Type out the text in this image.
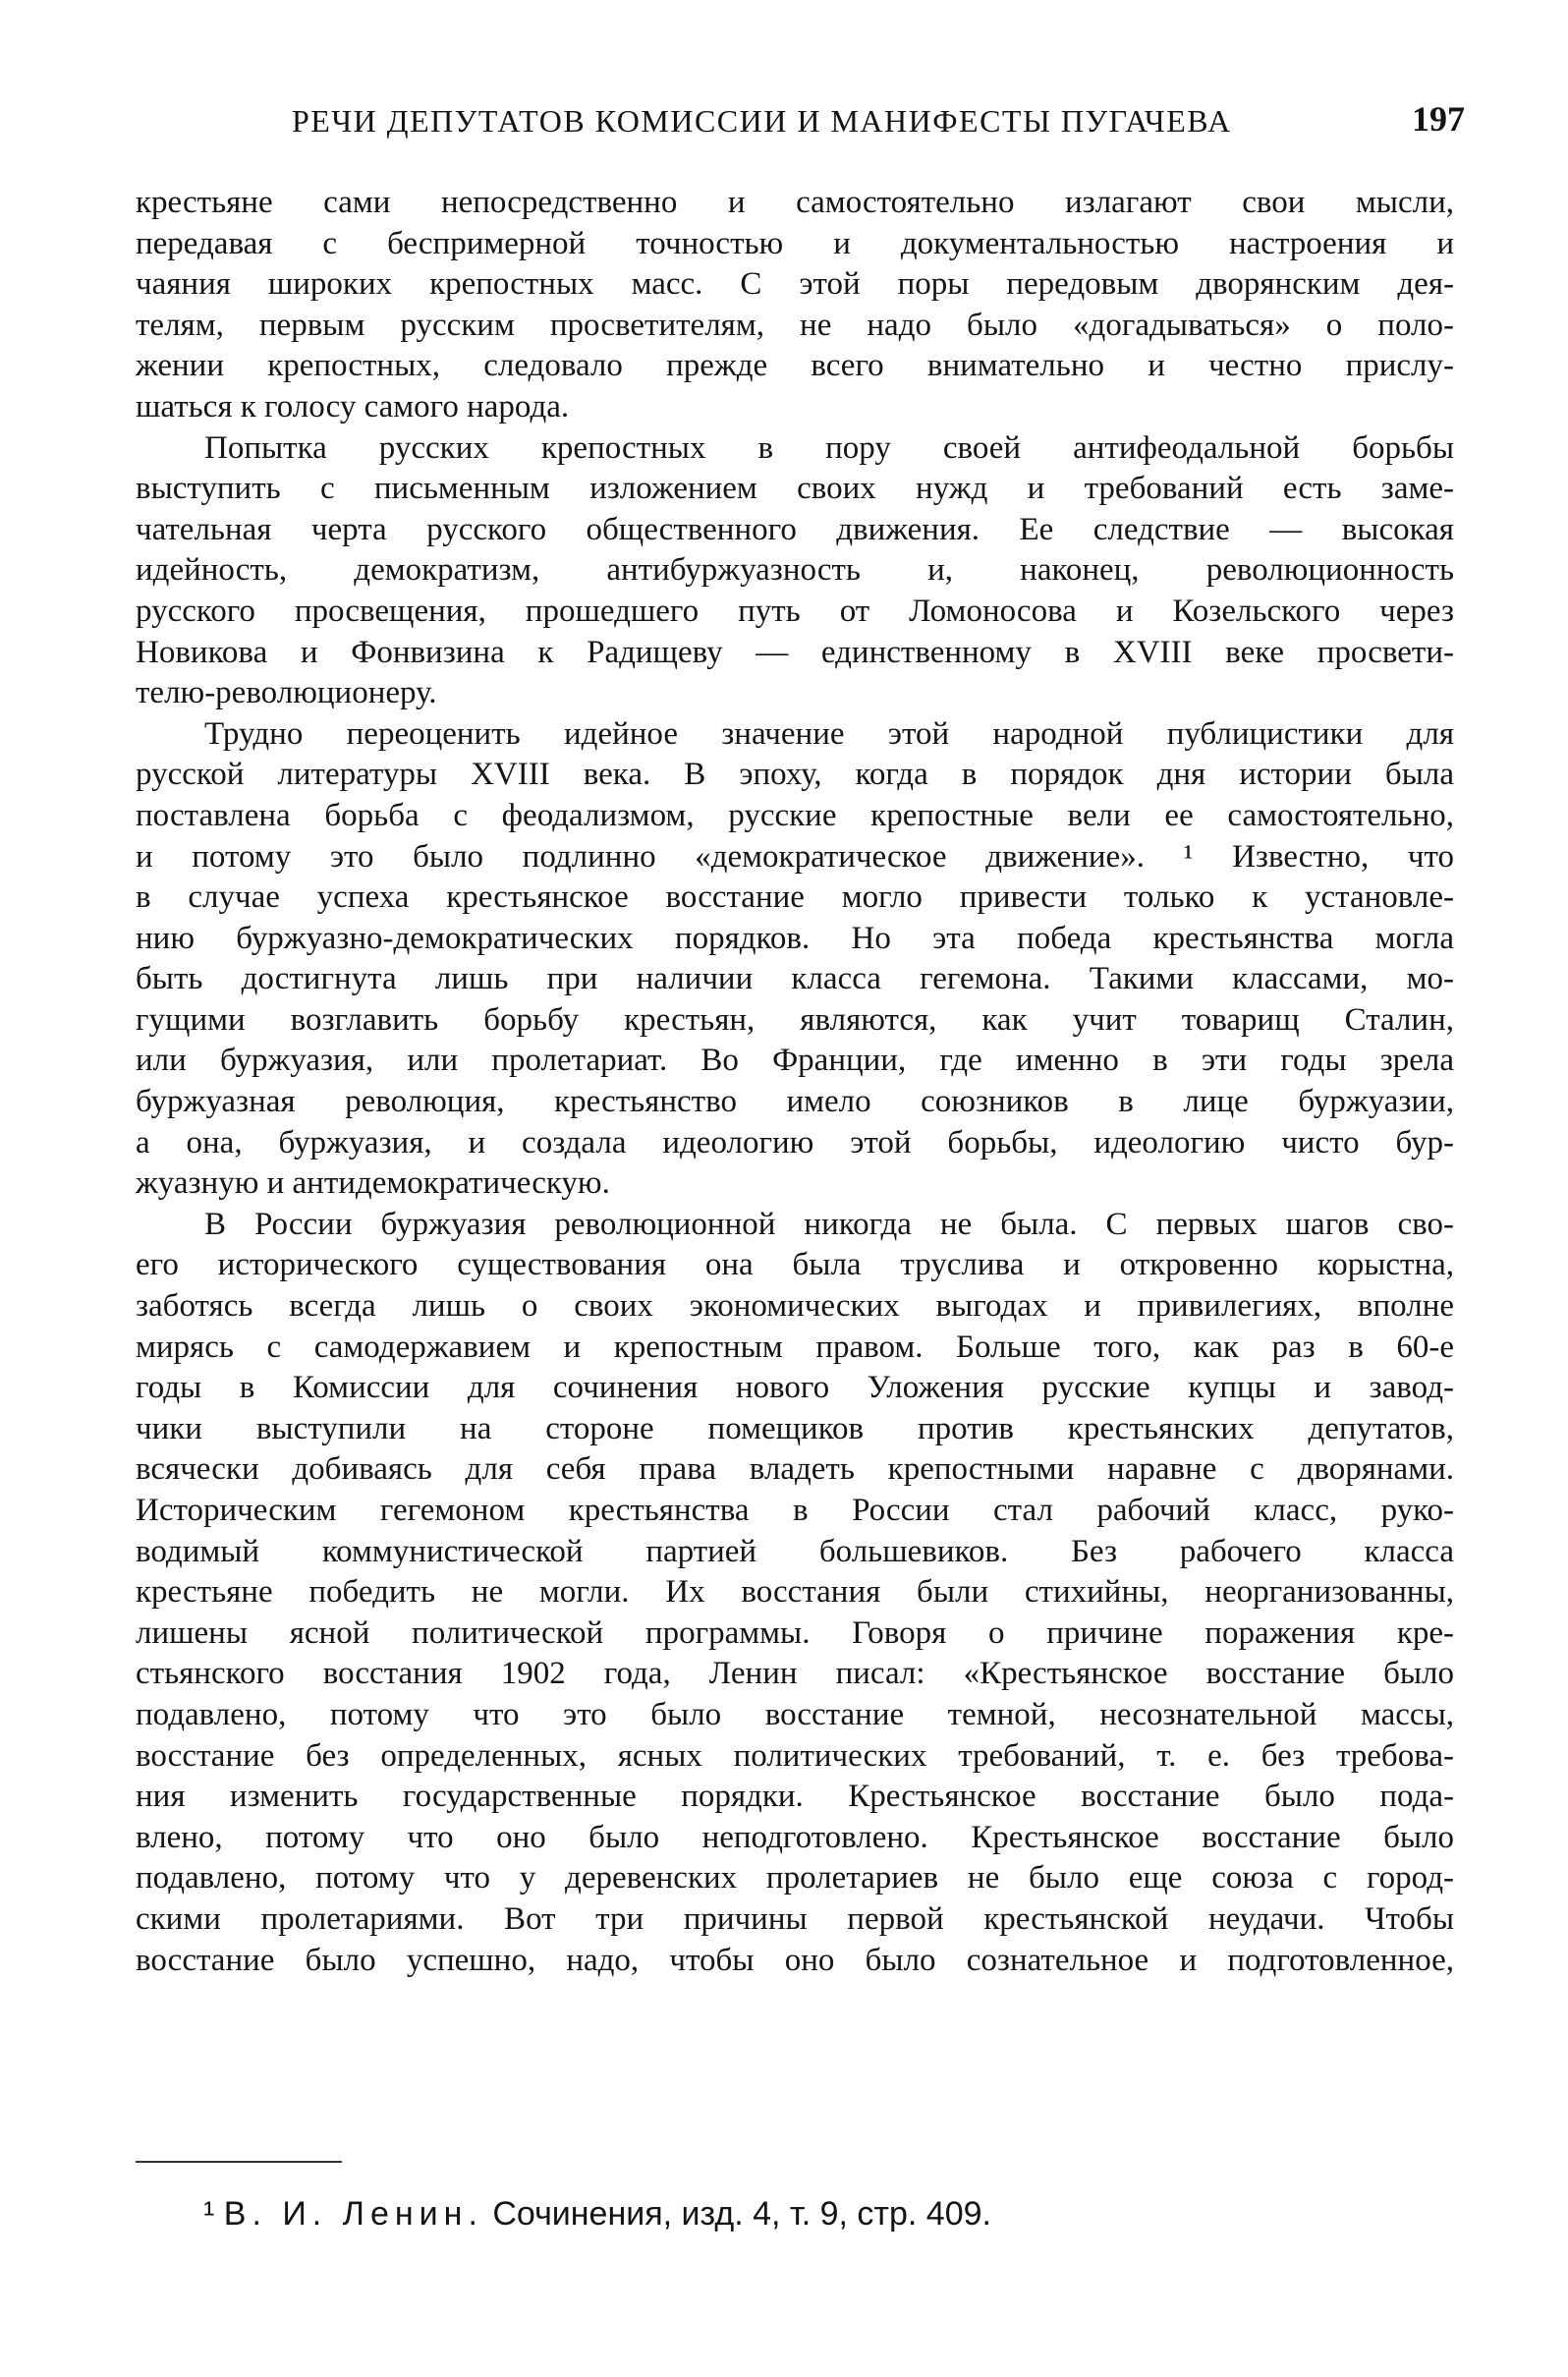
РЕЧИ ДЕПУТАТОВ КОМИССИИ И МАНИФЕСТЫ ПУГАЧЕВА	197
крестьяне сами непосредственно и самостоятельно излагают свои мысли,
передавая с беспримерной точностью и документальностью настроения и
чаяния широких крепостных масс. С этой поры передовым дворянским дея-
телям, первым русским просветителям, не надо было «догадываться» о поло-
жении крепостных, следовало прежде всего внимательно и честно прислу-
шаться к голосу самого народа.
Попытка русских крепостных в пору своей антифеодальной борьбы
выступить с письменным изложением своих нужд и требований есть заме-
чательная черта русского общественного движения. Ее следствие — высокая
идейность, демократизм, антибуржуазность и, наконец, революционность
русского просвещения, прошедшего путь от Ломоносова и Козельского через
Новикова и Фонвизина к Радищеву — единственному в XVIII веке просвети-
телю-революционеру.
Трудно переоценить идейное значение этой народной публицистики для
русской литературы XVIII века. В эпоху, когда в порядок дня истории была
поставлена борьба с феодализмом, русские крепостные вели ее самостоятельно,
и потому это было подлинно «демократическое движение». ¹ Известно, что
в случае успеха крестьянское восстание могло привести только к установле-
нию буржуазно-демократических порядков. Но эта победа крестьянства могла
быть достигнута лишь при наличии класса гегемона. Такими классами, мо-
гущими возглавить борьбу крестьян, являются, как учит товарищ Сталин,
или буржуазия, или пролетариат. Во Франции, где именно в эти годы зрела
буржуазная революция, крестьянство имело союзников в лице буржуазии,
а она, буржуазия, и создала идеологию этой борьбы, идеологию чисто бур-
жуазную и антидемократическую.
В России буржуазия революционной никогда не была. С первых шагов сво-
его исторического существования она была труслива и откровенно корыстна,
заботясь всегда лишь о своих экономических выгодах и привилегиях, вполне
мирясь с самодержавием и крепостным правом. Больше того, как раз в 60-е
годы в Комиссии для сочинения нового Уложения русские купцы и завод-
чики выступили на стороне помещиков против крестьянских депутатов,
всячески добиваясь для себя права владеть крепостными наравне с дворянами.
Историческим гегемоном крестьянства в России стал рабочий класс, руко-
водимый коммунистической партией большевиков. Без рабочего класса
крестьяне победить не могли. Их восстания были стихийны, неорганизованны,
лишены ясной политической программы. Говоря о причине поражения кре-
стьянского восстания 1902 года, Ленин писал: «Крестьянское восстание было
подавлено, потому что это было восстание темной, несознательной массы,
восстание без определенных, ясных политических требований, т. е. без требова-
ния изменить государственные порядки. Крестьянское восстание было пода-
влено, потому что оно было неподготовлено. Крестьянское восстание было
подавлено, потому что у деревенских пролетариев не было еще союза с город-
скими пролетариями. Вот три причины первой крестьянской неудачи. Чтобы
восстание было успешно, надо, чтобы оно было сознательное и подготовленное,
¹ В. И. Ленин. Сочинения, изд. 4, т. 9, стр. 409.
